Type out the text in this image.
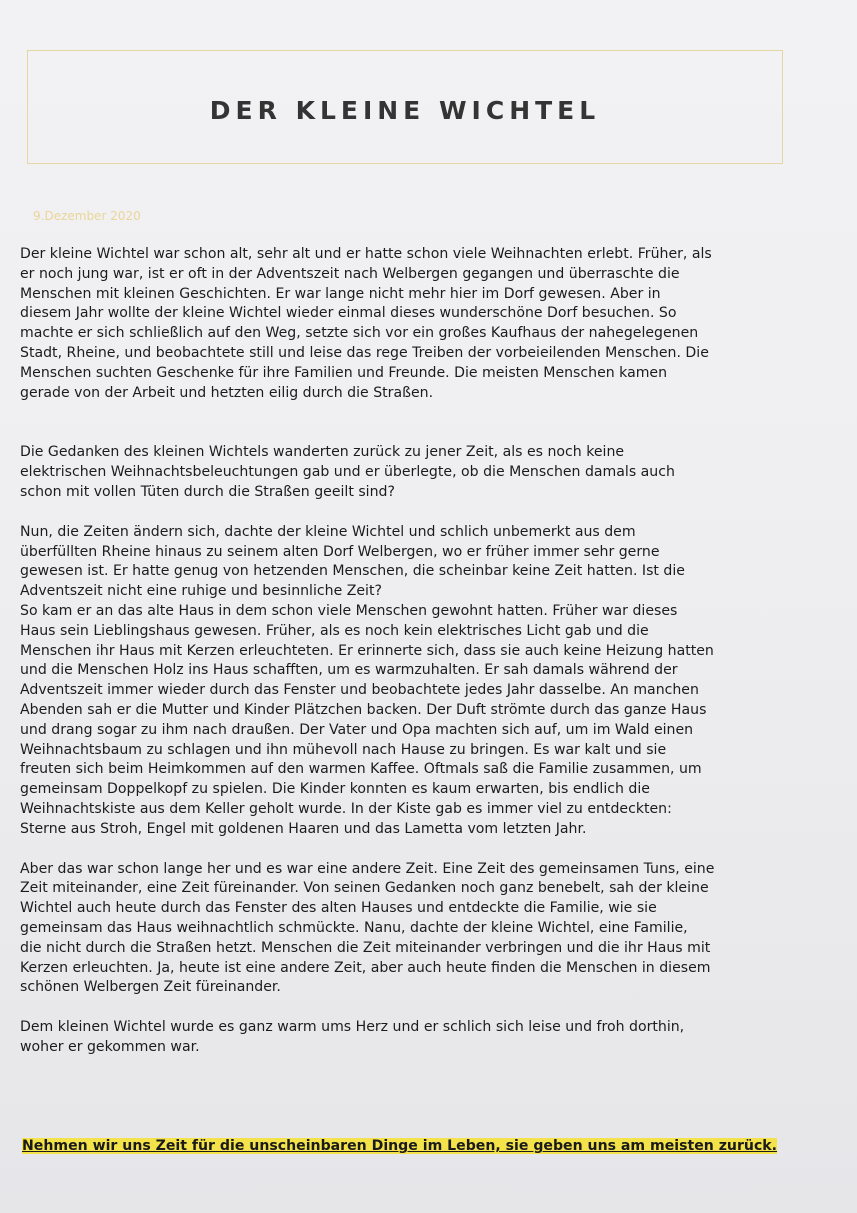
DER KLEINE WICHTEL
9.Dezember 2020

Der kleine Wichtel war schon alt, sehr alt und er hatte schon viele Weihnachten erlebt. Früher, als
er noch jung war, ist er oft in der Adventszeit nach Welbergen gegangen und überraschte die
Menschen mit kleinen Geschichten. Er war lange nicht mehr hier im Dorf gewesen. Aber in
diesem Jahr wollte der kleine Wichtel wieder einmal dieses wunderschöne Dorf besuchen. So
machte er sich schließlich auf den Weg, setzte sich vor ein großes Kaufhaus der nahegelegenen
Stadt, Rheine, und beobachtete still und leise das rege Treiben der vorbeieilenden Menschen. Die
Menschen suchten Geschenke für ihre Familien und Freunde. Die meisten Menschen kamen
gerade von der Arbeit und hetzten eilig durch die Straßen.

Die Gedanken des kleinen Wichtels wanderten zurück zu jener Zeit, als es noch keine
elektrischen Weihnachtsbeleuchtungen gab und er überlegte, ob die Menschen damals auch
schon mit vollen Tüten durch die Straßen geeilt sind?

Nun, die Zeiten ändern sich, dachte der kleine Wichtel und schlich unbemerkt aus dem
überfüllten Rheine hinaus zu seinem alten Dorf Welbergen, wo er früher immer sehr gerne
gewesen ist. Er hatte genug von hetzenden Menschen, die scheinbar keine Zeit hatten. Ist die
Adventszeit nicht eine ruhige und besinnliche Zeit?
So kam er an das alte Haus in dem schon viele Menschen gewohnt hatten. Früher war dieses
Haus sein Lieblingshaus gewesen. Früher, als es noch kein elektrisches Licht gab und die
Menschen ihr Haus mit Kerzen erleuchteten. Er erinnerte sich, dass sie auch keine Heizung hatten
und die Menschen Holz ins Haus schafften, um es warmzuhalten. Er sah damals während der
Adventszeit immer wieder durch das Fenster und beobachtete jedes Jahr dasselbe. An manchen
Abenden sah er die Mutter und Kinder Plätzchen backen. Der Duft strömte durch das ganze Haus
und drang sogar zu ihm nach draußen. Der Vater und Opa machten sich auf, um im Wald einen
Weihnachtsbaum zu schlagen und ihn mühevoll nach Hause zu bringen. Es war kalt und sie
freuten sich beim Heimkommen auf den warmen Kaffee. Oftmals saß die Familie zusammen, um
gemeinsam Doppelkopf zu spielen. Die Kinder konnten es kaum erwarten, bis endlich die
Weihnachtskiste aus dem Keller geholt wurde. In der Kiste gab es immer viel zu entdeckten:
Sterne aus Stroh, Engel mit goldenen Haaren und das Lametta vom letzten Jahr.

Aber das war schon lange her und es war eine andere Zeit. Eine Zeit des gemeinsamen Tuns, eine
Zeit miteinander, eine Zeit füreinander. Von seinen Gedanken noch ganz benebelt, sah der kleine
Wichtel auch heute durch das Fenster des alten Hauses und entdeckte die Familie, wie sie
gemeinsam das Haus weihnachtlich schmückte. Nanu, dachte der kleine Wichtel, eine Familie,
die nicht durch die Straßen hetzt. Menschen die Zeit miteinander verbringen und die ihr Haus mit
Kerzen erleuchten. Ja, heute ist eine andere Zeit, aber auch heute finden die Menschen in diesem
schönen Welbergen Zeit füreinander.

Dem kleinen Wichtel wurde es ganz warm ums Herz und er schlich sich leise und froh dorthin,
woher er gekommen war.

Nehmen wir uns Zeit für die unscheinbaren Dinge im Leben, sie geben uns am meisten zurück.
